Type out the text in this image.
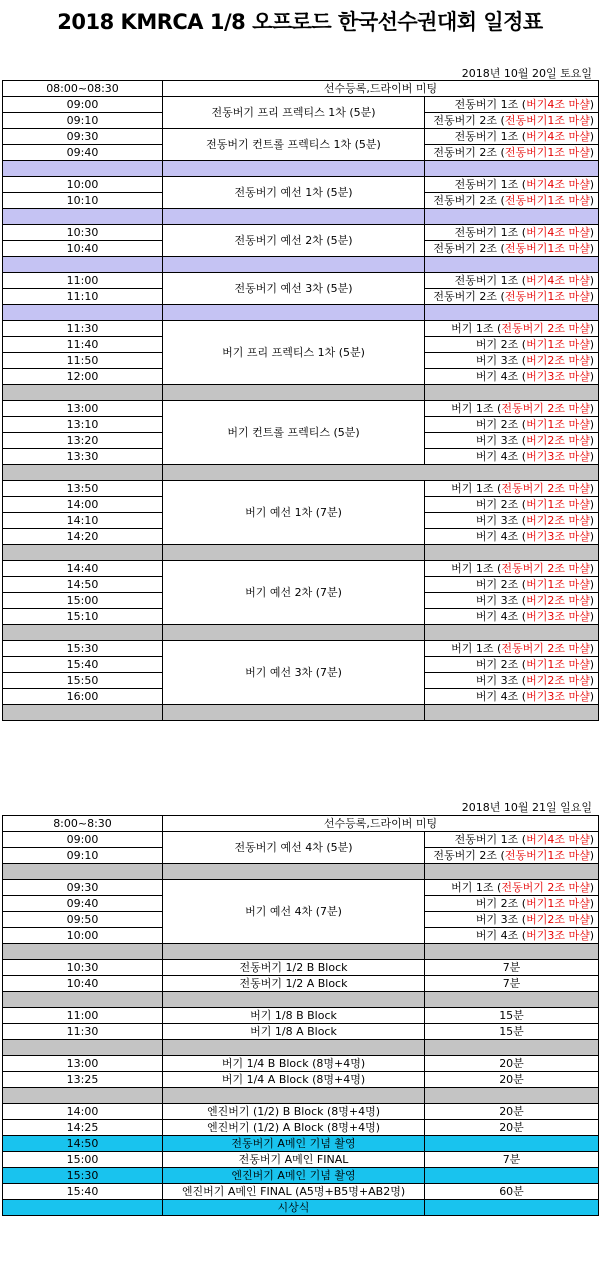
2018 KMRCA 1/8 오프로드 한국선수권대회 일정표
2018년 10월 20일 토요일
08:00~08:30	선수등록,드라이버 미팅	
09:00	전동버기 프리 프렉티스 1차 (5분)	전동버기 1조 (버기4조 마샬)
09:10		전동버기 2조 (전동버기1조 마샬)
09:30	전동버기 컨트롤 프렉티스 1차 (5분)	전동버기 1조 (버기4조 마샬)
09:40		전동버기 2조 (전동버기1조 마샬)

10:00	전동버기 예선 1차 (5분)	전동버기 1조 (버기4조 마샬)
10:10		전동버기 2조 (전동버기1조 마샬)

10:30	전동버기 예선 2차 (5분)	전동버기 1조 (버기4조 마샬)
10:40		전동버기 2조 (전동버기1조 마샬)

11:00	전동버기 예선 3차 (5분)	전동버기 1조 (버기4조 마샬)
11:10		전동버기 2조 (전동버기1조 마샬)

11:30	버기 프리 프렉티스 1차 (5분)	버기 1조 (전동버기 2조 마샬)
11:40		버기 2조 (버기1조 마샬)
11:50		버기 3조 (버기2조 마샬)
12:00		버기 4조 (버기3조 마샬)

13:00	버기 컨트롤 프렉티스 (5분)	버기 1조 (전동버기 2조 마샬)
13:10		버기 2조 (버기1조 마샬)
13:20		버기 3조 (버기2조 마샬)
13:30		버기 4조 (버기3조 마샬)

13:50	버기 예선 1차 (7분)	버기 1조 (전동버기 2조 마샬)
14:00		버기 2조 (버기1조 마샬)
14:10		버기 3조 (버기2조 마샬)
14:20		버기 4조 (버기3조 마샬)

14:40	버기 예선 2차 (7분)	버기 1조 (전동버기 2조 마샬)
14:50		버기 2조 (버기1조 마샬)
15:00		버기 3조 (버기2조 마샬)
15:10		버기 4조 (버기3조 마샬)

15:30	버기 예선 3차 (7분)	버기 1조 (전동버기 2조 마샬)
15:40		버기 2조 (버기1조 마샬)
15:50		버기 3조 (버기2조 마샬)
16:00		버기 4조 (버기3조 마샬)

2018년 10월 21일 일요일
8:00~8:30	선수등록,드라이버 미팅	
09:00	전동버기 예선 4차 (5분)	전동버기 1조 (버기4조 마샬)
09:10		전동버기 2조 (전동버기1조 마샬)

09:30	버기 예선 4차 (7분)	버기 1조 (전동버기 2조 마샬)
09:40		버기 2조 (버기1조 마샬)
09:50		버기 3조 (버기2조 마샬)
10:00		버기 4조 (버기3조 마샬)

10:30	전동버기 1/2 B Block	7분
10:40	전동버기 1/2 A Block	7분

11:00	버기 1/8 B Block	15분
11:30	버기 1/8 A Block	15분

13:00	버기 1/4 B Block (8명+4명)	20분
13:25	버기 1/4 A Block (8명+4명)	20분

14:00	엔진버기 (1/2) B Block (8명+4명)	20분
14:25	엔진버기 (1/2) A Block (8명+4명)	20분
14:50	전동버기 A메인 기념 촬영	
15:00	전동버기 A메인 FINAL	7분
15:30	엔진버기 A메인 기념 촬영	
15:40	엔진버기 A메인 FINAL (A5명+B5명+AB2명)	60분
	시상식	
